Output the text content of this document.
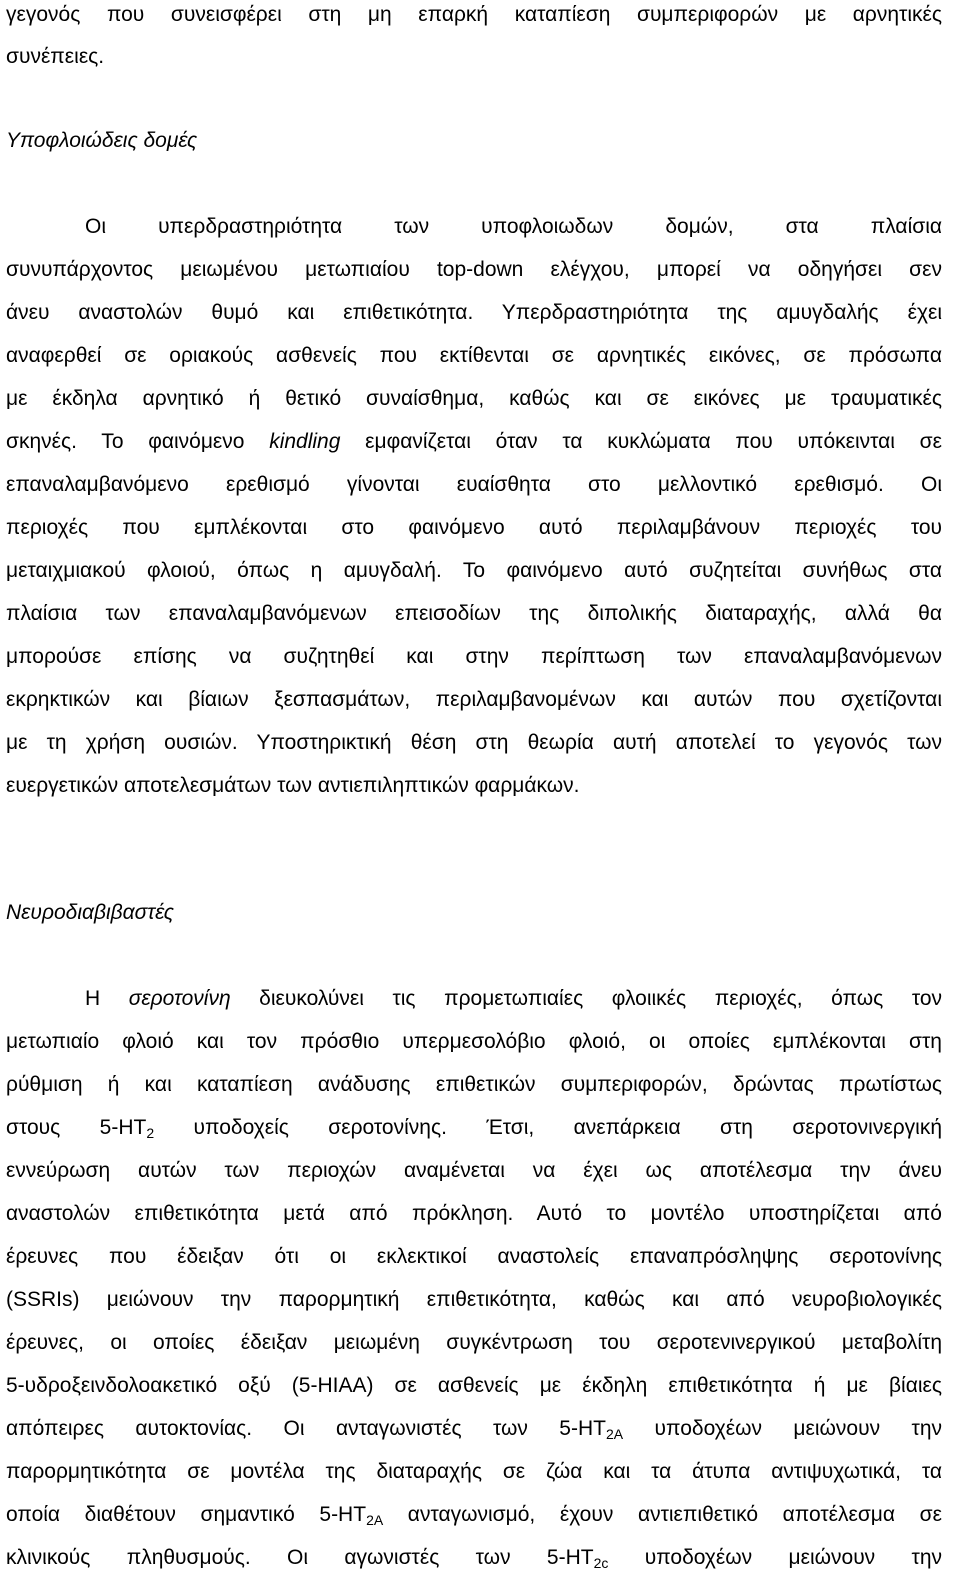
γεγονός που συνεισφέρει στη μη επαρκή καταπίεση συμπεριφορών με αρνητικές
συνέπειες.
Υποφλοιώδεις δομές
Οι υπερδραστηριότητα των υποφλοιωδων δομών, στα πλαίσια
συνυπάρχοντος μειωμένου μετωπιαίου top-down ελέγχου, μπορεί να οδηγήσει σεν
άνευ αναστολών θυμό και επιθετικότητα. Υπερδραστηριότητα της αμυγδαλής έχει
αναφερθεί σε οριακούς ασθενείς που εκτίθενται σε αρνητικές εικόνες, σε πρόσωπα
με έκδηλα αρνητικό ή θετικό συναίσθημα, καθώς και σε εικόνες με τραυματικές
σκηνές. Το φαινόμενο kindling εμφανίζεται όταν τα κυκλώματα που υπόκεινται σε
επαναλαμβανόμενο ερεθισμό γίνονται ευαίσθητα στο μελλοντικό ερεθισμό. Οι
περιοχές που εμπλέκονται στο φαινόμενο αυτό περιλαμβάνουν περιοχές του
μεταιχμιακού φλοιού, όπως η αμυγδαλή. Το φαινόμενο αυτό συζητείται συνήθως στα
πλαίσια των επαναλαμβανόμενων επεισοδίων της διπολικής διαταραχής, αλλά θα
μπορούσε επίσης να συζητηθεί και στην περίπτωση των επαναλαμβανόμενων
εκρηκτικών και βίαιων ξεσπασμάτων, περιλαμβανομένων και αυτών που σχετίζονται
με τη χρήση ουσιών. Υποστηρικτική θέση στη θεωρία αυτή αποτελεί το γεγονός των
ευεργετικών αποτελεσμάτων των αντιεπιληπτικών φαρμάκων.
Νευροδιαβιβαστές
Η σεροτονίνη διευκολύνει τις προμετωπιαίες φλοιικές περιοχές, όπως τον
μετωπιαίο φλοιό και τον πρόσθιο υπερμεσολόβιο φλοιό, οι οποίες εμπλέκονται στη
ρύθμιση ή και καταπίεση ανάδυσης επιθετικών συμπεριφορών, δρώντας πρωτίστως
στους $5-HT_2$ υποδοχείς σεροτονίνης. Έτσι, ανεπάρκεια στη σεροτονινεργική
εννεύρωση αυτών των περιοχών αναμένεται να έχει ως αποτέλεσμα την άνευ
αναστολών επιθετικότητα μετά από πρόκληση. Αυτό το μοντέλο υποστηρίζεται από
έρευνες που έδειξαν ότι οι εκλεκτικοί αναστολείς επαναπρόσληψης σεροτονίνης
(SSRIs) μειώνουν την παρορμητική επιθετικότητα, καθώς και από νευροβιολογικές
έρευνες, οι οποίες έδειξαν μειωμένη συγκέντρωση του σεροτενινεργικού μεταβολίτη
5-υδροξεινδολοακετικό οξύ (5-HIAA) σε ασθενείς με έκδηλη επιθετικότητα ή με βίαιες
απόπειρες αυτοκτονίας. Οι ανταγωνιστές των $5-HT_{2A}$ υποδοχέων μειώνουν την
παρορμητικότητα σε μοντέλα της διαταραχής σε ζώα και τα άτυπα αντιψυχωτικά, τα
οποία διαθέτουν σημαντικό $5-HT_{2A}$ ανταγωνισμό, έχουν αντιεπιθετικό αποτέλεσμα σε
κλινικούς πληθυσμούς. Οι αγωνιστές των $5-HT_{2c}$ υποδοχέων μειώνουν την
